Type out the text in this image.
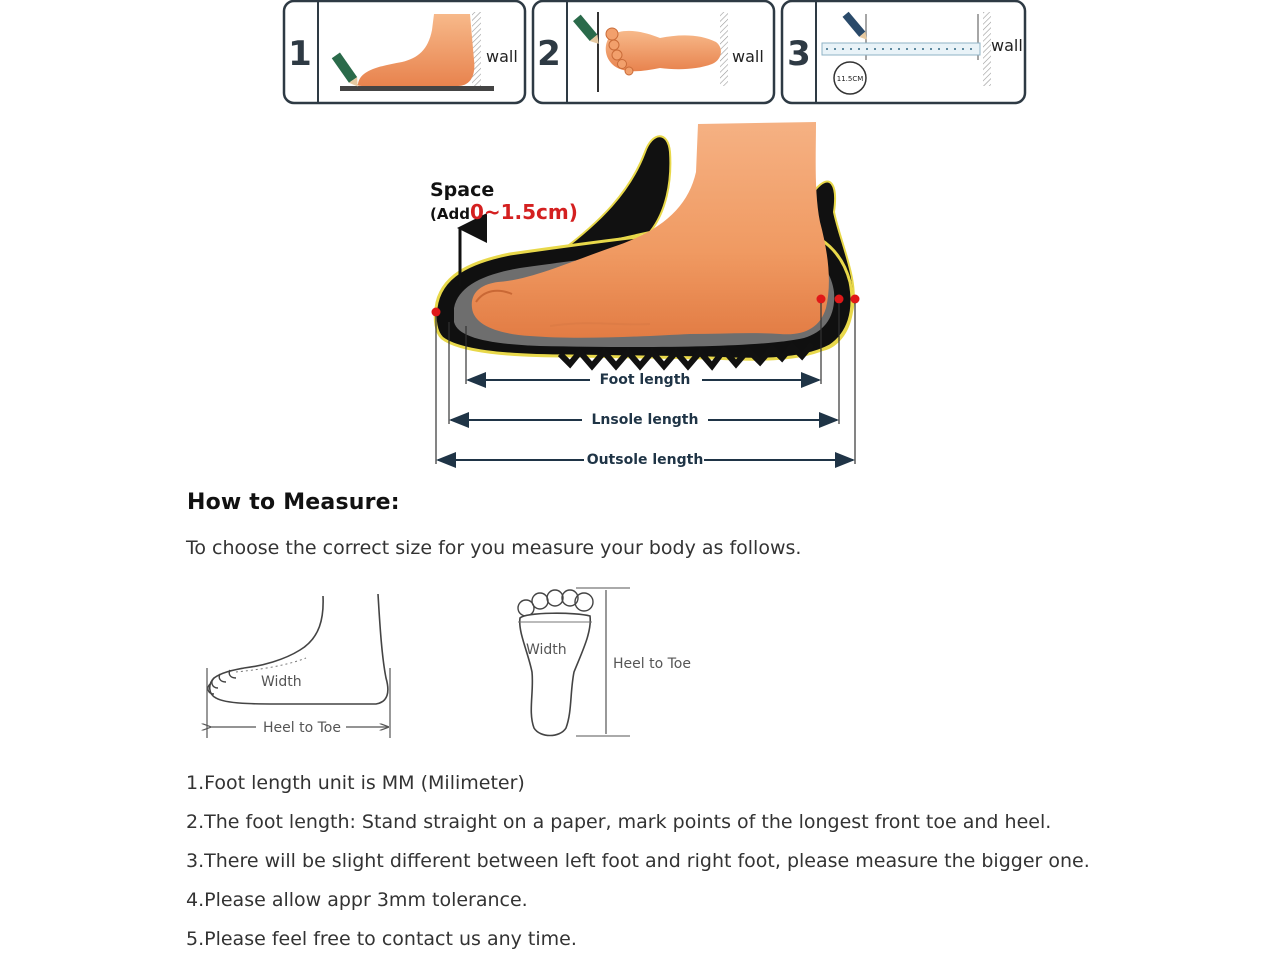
1	wall 2	wall 3
11.5CM
wall
Space
(Add0~1.5cm)
Foot length
Lnsole length
Outsole length
How to Measure:
To choose the correct size for you measure your body as follows.
Width
Heel to Toe
Width
Heel to Toe
1.Foot length unit is MM (Milimeter)
2.The foot length: Stand straight on a paper, mark points of the longest front toe and heel.
3.There will be slight different between left foot and right foot, please measure the bigger one.
4.Please allow appr 3mm tolerance.
5.Please feel free to contact us any time.
